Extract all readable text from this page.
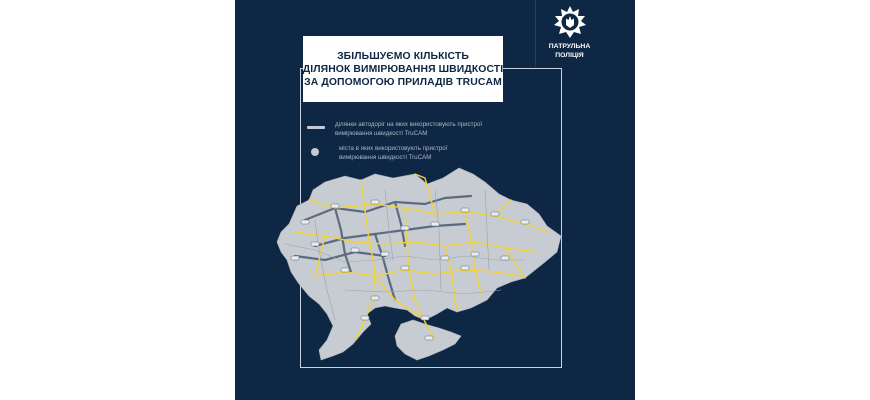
ПАТРУЛЬНА
ПОЛІЦІЯ
ЗБІЛЬШУЄМО КІЛЬКІСТЬ
ДІЛЯНОК ВИМІРЮВАННЯ ШВИДКОСТІ
ЗА ДОПОМОГОЮ ПРИЛАДІВ TRUCAM
ділянки автодоріг на яких використовують пристрої
вимірювання швидкості TruCAM
міста в яких використовують пристрої
вимірювання швидкості TruCAM
